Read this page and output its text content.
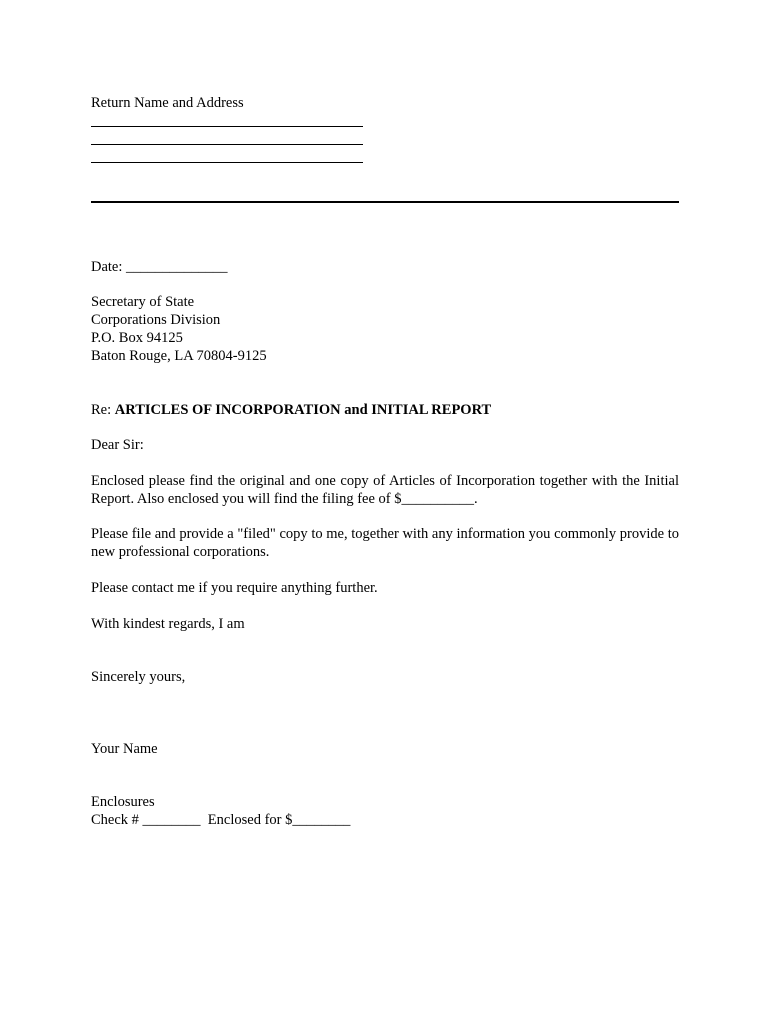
Return Name and Address
Date: ______________
Secretary of State
Corporations Division
P.O. Box 94125
Baton Rouge, LA 70804-9125
Re: ARTICLES OF INCORPORATION and INITIAL REPORT
Dear Sir:
Enclosed please find the original and one copy of Articles of Incorporation together with the Initial Report. Also enclosed you will find the filing fee of $__________.
Please file and provide a "filed" copy to me, together with any information you commonly provide to new professional corporations.
Please contact me if you require anything further.
With kindest regards, I am
Sincerely yours,
Your Name
Enclosures
Check # ________  Enclosed for $________
